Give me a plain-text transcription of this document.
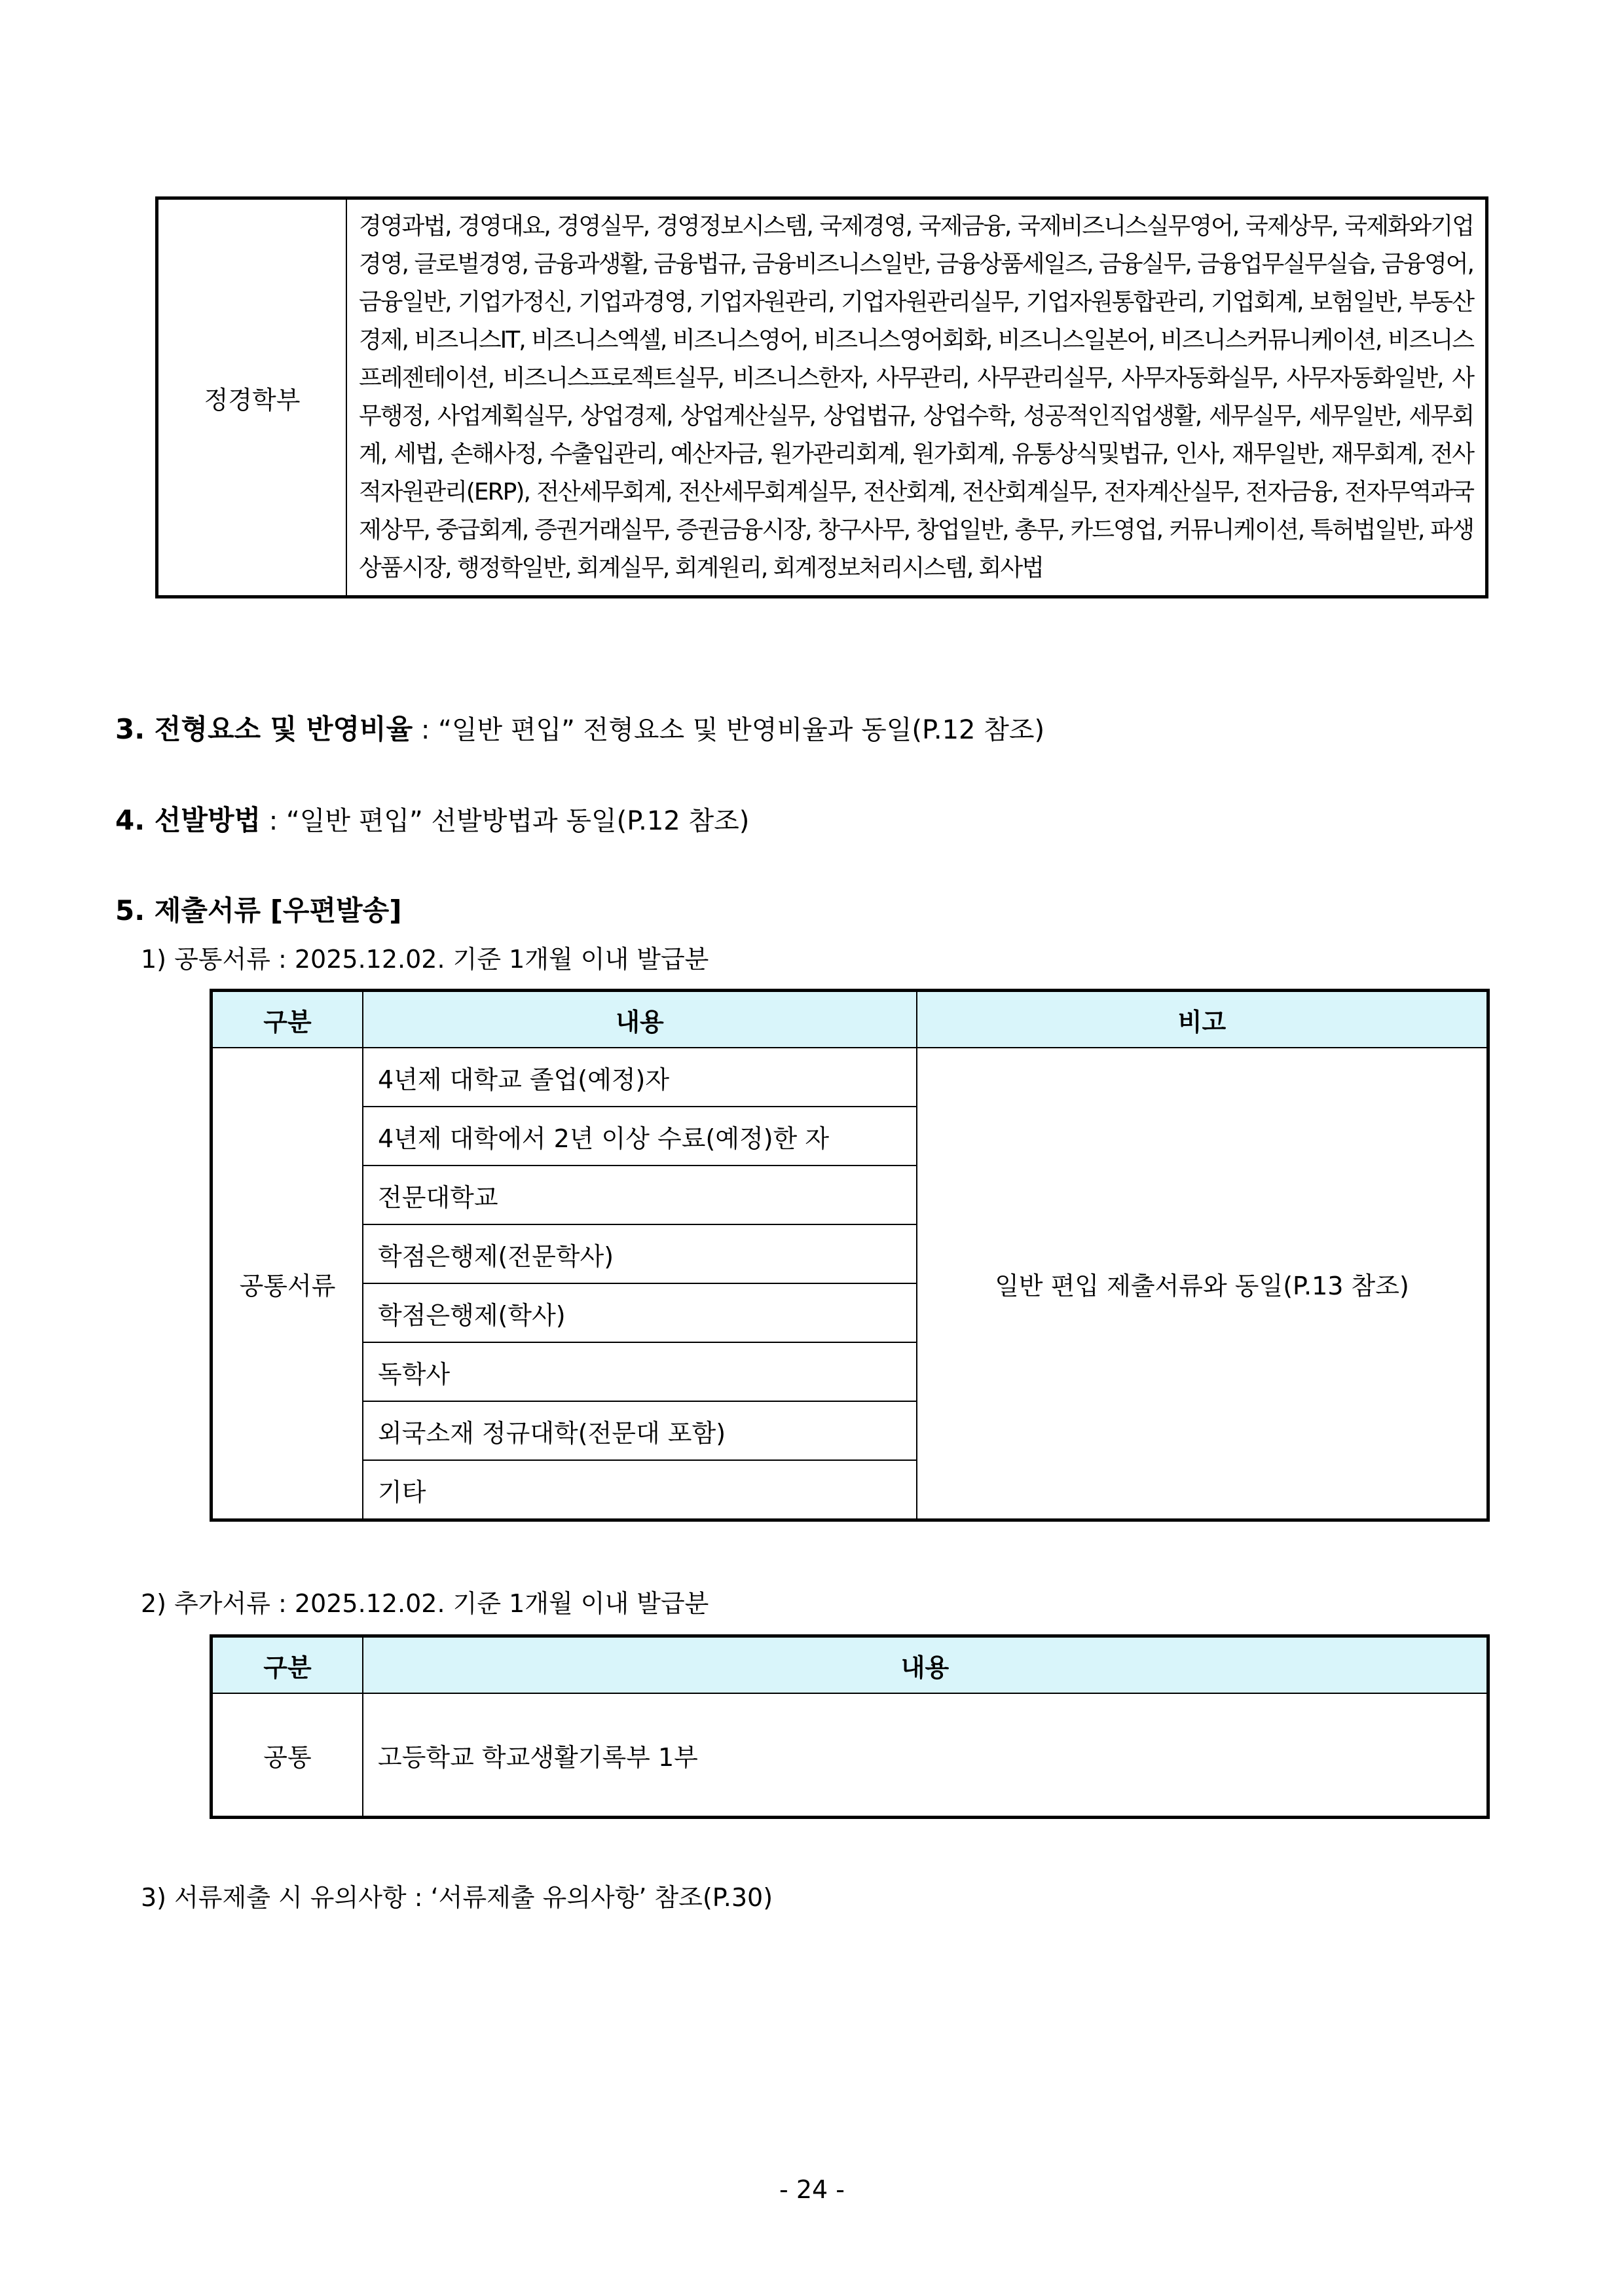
정경학부	경영과법, 경영대요, 경영실무, 경영정보시스템, 국제경영, 국제금융, 국제비즈니스실무영어, 국제상무, 국제화와기업경영, 글로벌경영, 금융과생활, 금융법규, 금융비즈니스일반, 금융상품세일즈, 금융실무, 금융업무실무실습, 금융영어, 금융일반, 기업가정신, 기업과경영, 기업자원관리, 기업자원관리실무, 기업자원통합관리, 기업회계, 보험일반, 부동산경제, 비즈니스IT, 비즈니스엑셀, 비즈니스영어, 비즈니스영어회화, 비즈니스일본어, 비즈니스커뮤니케이션, 비즈니스프레젠테이션, 비즈니스프로젝트실무, 비즈니스한자, 사무관리, 사무관리실무, 사무자동화실무, 사무자동화일반, 사무행정, 사업계획실무, 상업경제, 상업계산실무, 상업법규, 상업수학, 성공적인직업생활, 세무실무, 세무일반, 세무회계, 세법, 손해사정, 수출입관리, 예산자금, 원가관리회계, 원가회계, 유통상식및법규, 인사, 재무일반, 재무회계, 전사적자원관리(ERP), 전산세무회계, 전산세무회계실무, 전산회계, 전산회계실무, 전자계산실무, 전자금융, 전자무역과국제상무, 중급회계, 증권거래실무, 증권금융시장, 창구사무, 창업일반, 총무, 카드영업, 커뮤니케이션, 특허법일반, 파생상품시장, 행정학일반, 회계실무, 회계원리, 회계정보처리시스템, 회사법
3. 전형요소 및 반영비율 : “일반 편입” 전형요소 및 반영비율과 동일(P.12 참조)
4. 선발방법 : “일반 편입” 선발방법과 동일(P.12 참조)
5. 제출서류 [우편발송]
1) 공통서류 : 2025.12.02. 기준 1개월 이내 발급분
구분	내용	비고
공통서류	4년제 대학교 졸업(예정)자	일반 편입 제출서류와 동일(P.13 참조)
	4년제 대학에서 2년 이상 수료(예정)한 자	
	전문대학교	
	학점은행제(전문학사)	
	학점은행제(학사)	
	독학사	
	외국소재 정규대학(전문대 포함)	
	기타	
2) 추가서류 : 2025.12.02. 기준 1개월 이내 발급분
구분	내용
공통	고등학교 학교생활기록부 1부
3) 서류제출 시 유의사항 : ‘서류제출 유의사항’ 참조(P.30)
- 24 -
